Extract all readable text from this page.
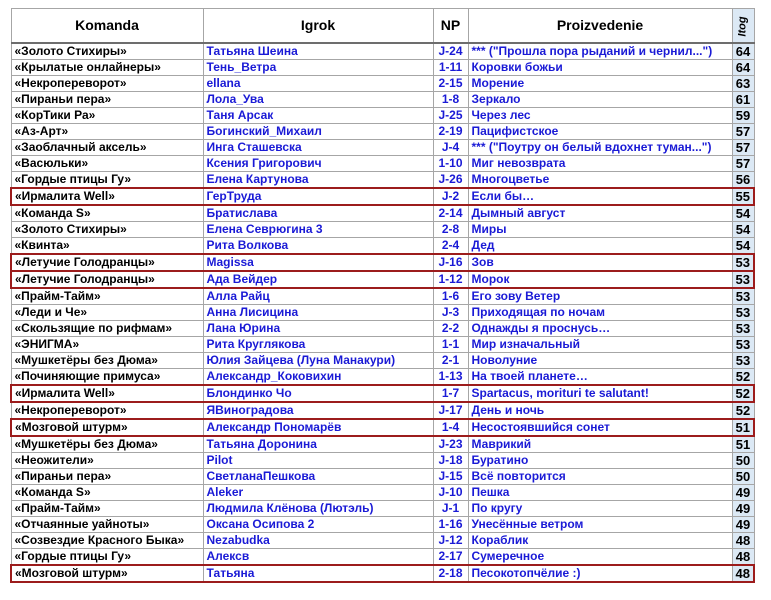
Komanda	Igrok	NP	Proizvedenie	Itog
«Золото Стихиры»	Татьяна Шеина	J-24	*** ("Прошла пора рыданий и чернил...")	64
«Крылатые онлайнеры»	Тень_Ветра	1-11	Коровки божьи	64
«Некропереворот»	ellana	2-15	Морение	63
«Пираньи пера»	Лола_Ува	1-8	Зеркало	61
«КорТики Ра»	Таня Арсак	J-25	Через лес	59
«Аз-Арт»	Богинский_Михаил	2-19	Пацифистское	57
«Заоблачный аксель»	Инга Сташевска	J-4	*** ("Поутру он белый вдохнет туман...")	57
«Васюльки»	Ксения Григорович	1-10	Миг невозврата	57
«Гордые птицы Гу»	Елена Картунова	J-26	Многоцветье	56
«Ирмалита Well»	ГерТруда	J-2	Если бы…	55
«Команда S»	Братислава	2-14	Дымный август	54
«Золото Стихиры»	Елена Севрюгина 3	2-8	Миры	54
«Квинта»	Рита Волкова	2-4	Дед	54
«Летучие Голодранцы»	Magissa	J-16	Зов	53
«Летучие Голодранцы»	Ада Вейдер	1-12	Морок	53
«Прайм-Тайм»	Алла Райц	1-6	Его зову Ветер	53
«Леди и Че»	Анна Лисицина	J-3	Приходящая по ночам	53
«Скользящие по рифмам»	Лана Юрина	2-2	Однажды я проснусь…	53
«ЭНИГМА»	Рита Круглякова	1-1	Мир изначальный	53
«Мушкетёры без Дюма»	Юлия Зайцева (Луна Манакури)	2-1	Новолуние	53
«Починяющие примуса»	Александр_Коковихин	1-13	На твоей планете…	52
«Ирмалита Well»	Блондинко Чо	1-7	Spartacus, morituri te salutant!	52
«Некропереворот»	ЯВиноградова	J-17	День и ночь	52
«Мозговой штурм»	Александр Пономарёв	1-4	Несостоявшийся сонет	51
«Мушкетёры без Дюма»	Татьяна Доронина	J-23	Маврикий	51
«Неожители»	Pilot	J-18	Буратино	50
«Пираньи пера»	СветланаПешкова	J-15	Всё повторится	50
«Команда S»	Aleker	J-10	Пешка	49
«Прайм-Тайм»	Людмила Клёнова (Лютэль)	J-1	По кругу	49
«Отчаянные уайноты»	Оксана Осипова 2	1-16	Унесённые ветром	49
«Созвездие Красного Быка»	Nezabudka	J-12	Кораблик	48
«Гордые птицы Гу»	Алексв	2-17	Сумеречное	48
«Мозговой штурм»	Татьяна	2-18	Песокотопчёлие :)	48
